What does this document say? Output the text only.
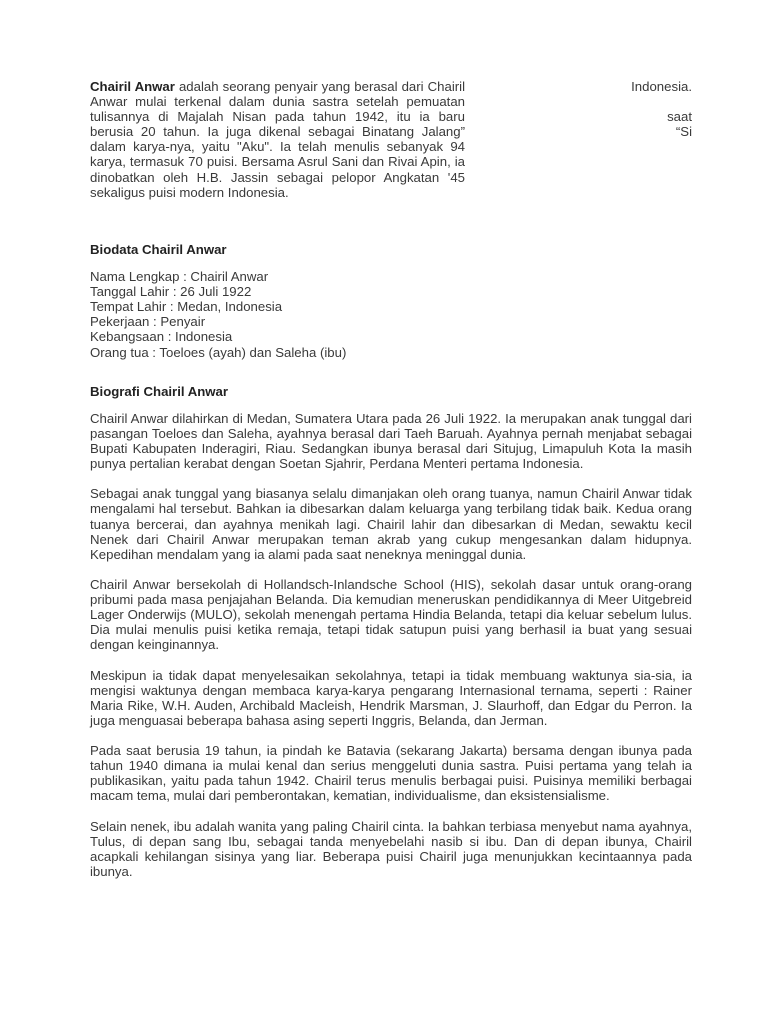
Chairil Anwar adalah seorang penyair yang berasal dari Chairil Anwar mulai terkenal dalam dunia sastra setelah pemuatan tulisannya di Majalah Nisan pada tahun 1942, itu ia baru berusia 20 tahun. Ia juga dikenal sebagai Binatang Jalang” dalam karya-nya, yaitu "Aku". Ia telah menulis sebanyak 94 karya, termasuk 70 puisi. Bersama Asrul Sani dan Rivai Apin, ia dinobatkan oleh H.B. Jassin sebagai pelopor Angkatan '45 sekaligus puisi modern Indonesia.
Indonesia.
saat
“Si
Biodata Chairil Anwar
Nama Lengkap : Chairil Anwar
Tanggal Lahir : 26 Juli 1922
Tempat Lahir : Medan, Indonesia
Pekerjaan : Penyair
Kebangsaan : Indonesia
Orang tua : Toeloes (ayah) dan Saleha (ibu)
Biografi Chairil Anwar

Chairil Anwar dilahirkan di Medan, Sumatera Utara pada 26 Juli 1922. Ia merupakan anak tunggal dari pasangan Toeloes dan Saleha, ayahnya berasal dari Taeh Baruah. Ayahnya pernah menjabat sebagai Bupati Kabupaten Inderagiri, Riau. Sedangkan ibunya berasal dari Situjug, Limapuluh Kota Ia masih punya pertalian kerabat dengan Soetan Sjahrir, Perdana Menteri pertama Indonesia.

Sebagai anak tunggal yang biasanya selalu dimanjakan oleh orang tuanya, namun Chairil Anwar tidak mengalami hal tersebut. Bahkan ia dibesarkan dalam keluarga yang terbilang tidak baik. Kedua orang tuanya bercerai, dan ayahnya menikah lagi. Chairil lahir dan dibesarkan di Medan, sewaktu kecil Nenek dari Chairil Anwar merupakan teman akrab yang cukup mengesankan dalam hidupnya. Kepedihan mendalam yang ia alami pada saat neneknya meninggal dunia.

Chairil Anwar bersekolah di Hollandsch-Inlandsche School (HIS), sekolah dasar untuk orang-orang pribumi pada masa penjajahan Belanda. Dia kemudian meneruskan pendidikannya di Meer Uitgebreid Lager Onderwijs (MULO), sekolah menengah pertama Hindia Belanda, tetapi dia keluar sebelum lulus. Dia mulai menulis puisi ketika remaja, tetapi tidak satupun puisi yang berhasil ia buat yang sesuai dengan keinginannya.

Meskipun ia tidak dapat menyelesaikan sekolahnya, tetapi ia tidak membuang waktunya sia-sia, ia mengisi waktunya dengan membaca karya-karya pengarang Internasional ternama, seperti : Rainer Maria Rike, W.H. Auden, Archibald Macleish, Hendrik Marsman, J. Slaurhoff, dan Edgar du Perron. Ia juga menguasai beberapa bahasa asing seperti Inggris, Belanda, dan Jerman.

Pada saat berusia 19 tahun, ia pindah ke Batavia (sekarang Jakarta) bersama dengan ibunya pada tahun 1940 dimana ia mulai kenal dan serius menggeluti dunia sastra. Puisi pertama yang telah ia publikasikan, yaitu pada tahun 1942. Chairil terus menulis berbagai puisi. Puisinya memiliki berbagai macam tema, mulai dari pemberontakan, kematian, individualisme, dan eksistensialisme.

Selain nenek, ibu adalah wanita yang paling Chairil cinta. Ia bahkan terbiasa menyebut nama ayahnya, Tulus, di depan sang Ibu, sebagai tanda menyebelahi nasib si ibu. Dan di depan ibunya, Chairil acapkali kehilangan sisinya yang liar. Beberapa puisi Chairil juga menunjukkan kecintaannya pada ibunya.
